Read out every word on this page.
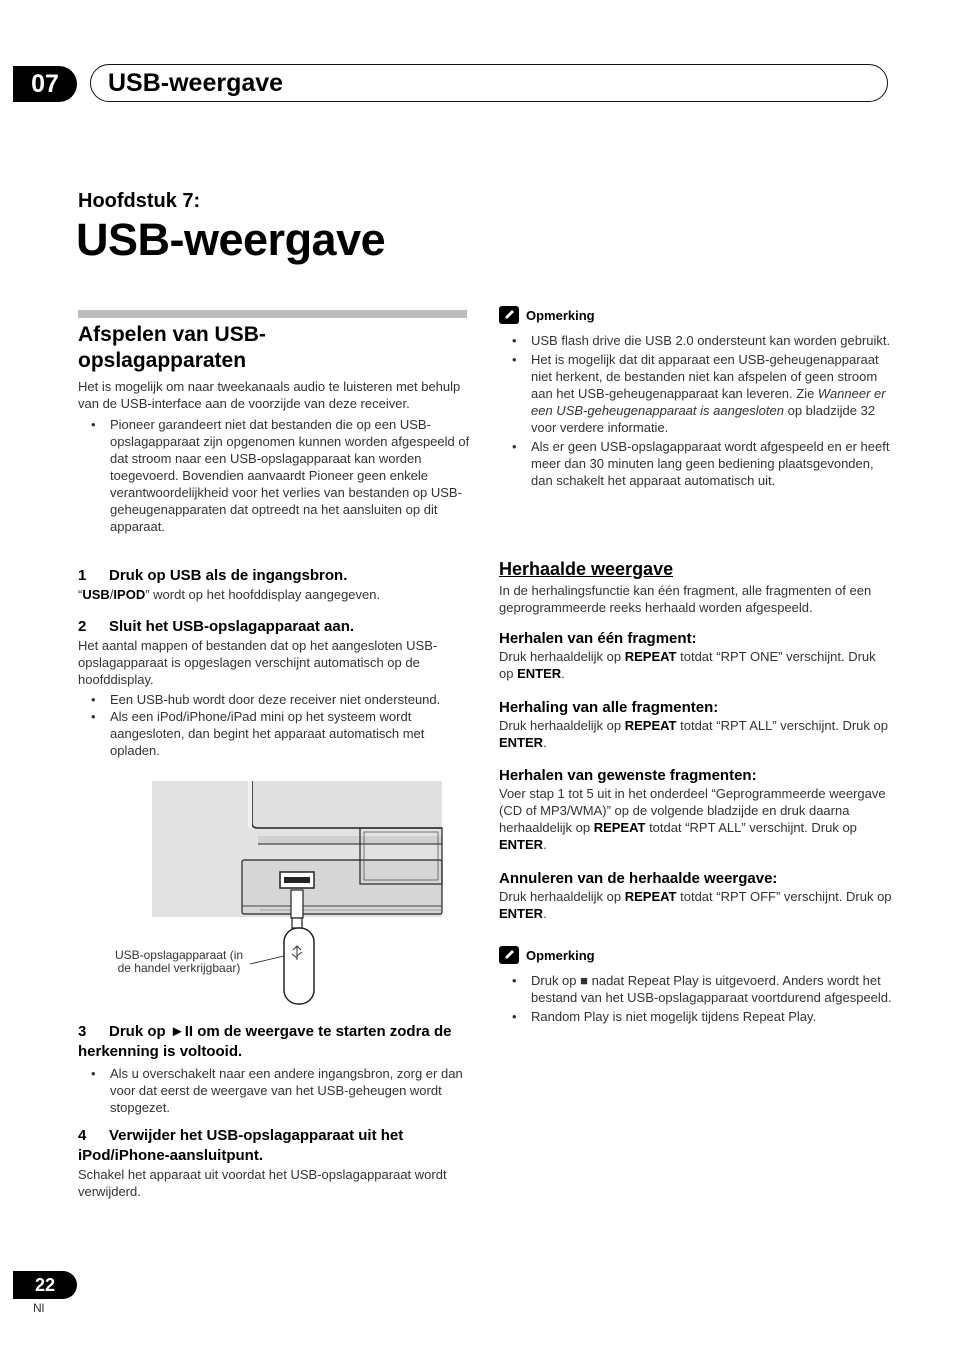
07	USB-weergave
Hoofdstuk 7:
USB-weergave
Afspelen van USB-opslagapparaten
Het is mogelijk om naar tweekanaals audio te luisteren met behulp van de USB-interface aan de voorzijde van deze receiver.
• Pioneer garandeert niet dat bestanden die op een USB-opslagapparaat zijn opgenomen kunnen worden afgespeeld of dat stroom naar een USB-opslagapparaat kan worden toegevoerd. Bovendien aanvaardt Pioneer geen enkele verantwoordelijkheid voor het verlies van bestanden op USB-geheugenapparaten dat optreedt na het aansluiten op dit apparaat.
1 Druk op USB als de ingangsbron.
“USB/IPOD” wordt op het hoofddisplay aangegeven.
2 Sluit het USB-opslagapparaat aan.
Het aantal mappen of bestanden dat op het aangesloten USB-opslagapparaat is opgeslagen verschijnt automatisch op de hoofddisplay.
• Een USB-hub wordt door deze receiver niet ondersteund.
• Als een iPod/iPhone/iPad mini op het systeem wordt aangesloten, dan begint het apparaat automatisch met opladen.
USB-opslagapparaat (in
de handel verkrijgbaar)
3 Druk op ►II om de weergave te starten zodra de herkenning is voltooid.
• Als u overschakelt naar een andere ingangsbron, zorg er dan voor dat eerst de weergave van het USB-geheugen wordt stopgezet.
4 Verwijder het USB-opslagapparaat uit het iPod/iPhone-aansluitpunt.
Schakel het apparaat uit voordat het USB-opslagapparaat wordt verwijderd.
Opmerking
• USB flash drive die USB 2.0 ondersteunt kan worden gebruikt.
• Het is mogelijk dat dit apparaat een USB-geheugenapparaat niet herkent, de bestanden niet kan afspelen of geen stroom aan het USB-geheugenapparaat kan leveren. Zie Wanneer er een USB-geheugenapparaat is aangesloten op bladzijde 32 voor verdere informatie.
• Als er geen USB-opslagapparaat wordt afgespeeld en er heeft meer dan 30 minuten lang geen bediening plaatsgevonden, dan schakelt het apparaat automatisch uit.
Herhaalde weergave
In de herhalingsfunctie kan één fragment, alle fragmenten of een geprogrammeerde reeks herhaald worden afgespeeld.
Herhalen van één fragment:
Druk herhaaldelijk op REPEAT totdat “RPT ONE” verschijnt. Druk op ENTER.
Herhaling van alle fragmenten:
Druk herhaaldelijk op REPEAT totdat “RPT ALL” verschijnt. Druk op ENTER.
Herhalen van gewenste fragmenten:
Voer stap 1 tot 5 uit in het onderdeel “Geprogrammeerde weergave (CD of MP3/WMA)” op de volgende bladzijde en druk daarna herhaaldelijk op REPEAT totdat “RPT ALL” verschijnt. Druk op ENTER.
Annuleren van de herhaalde weergave:
Druk herhaaldelijk op REPEAT totdat “RPT OFF” verschijnt. Druk op ENTER.
Opmerking
• Druk op ■ nadat Repeat Play is uitgevoerd. Anders wordt het bestand van het USB-opslagapparaat voortdurend afgespeeld.
• Random Play is niet mogelijk tijdens Repeat Play.
22
Nl
